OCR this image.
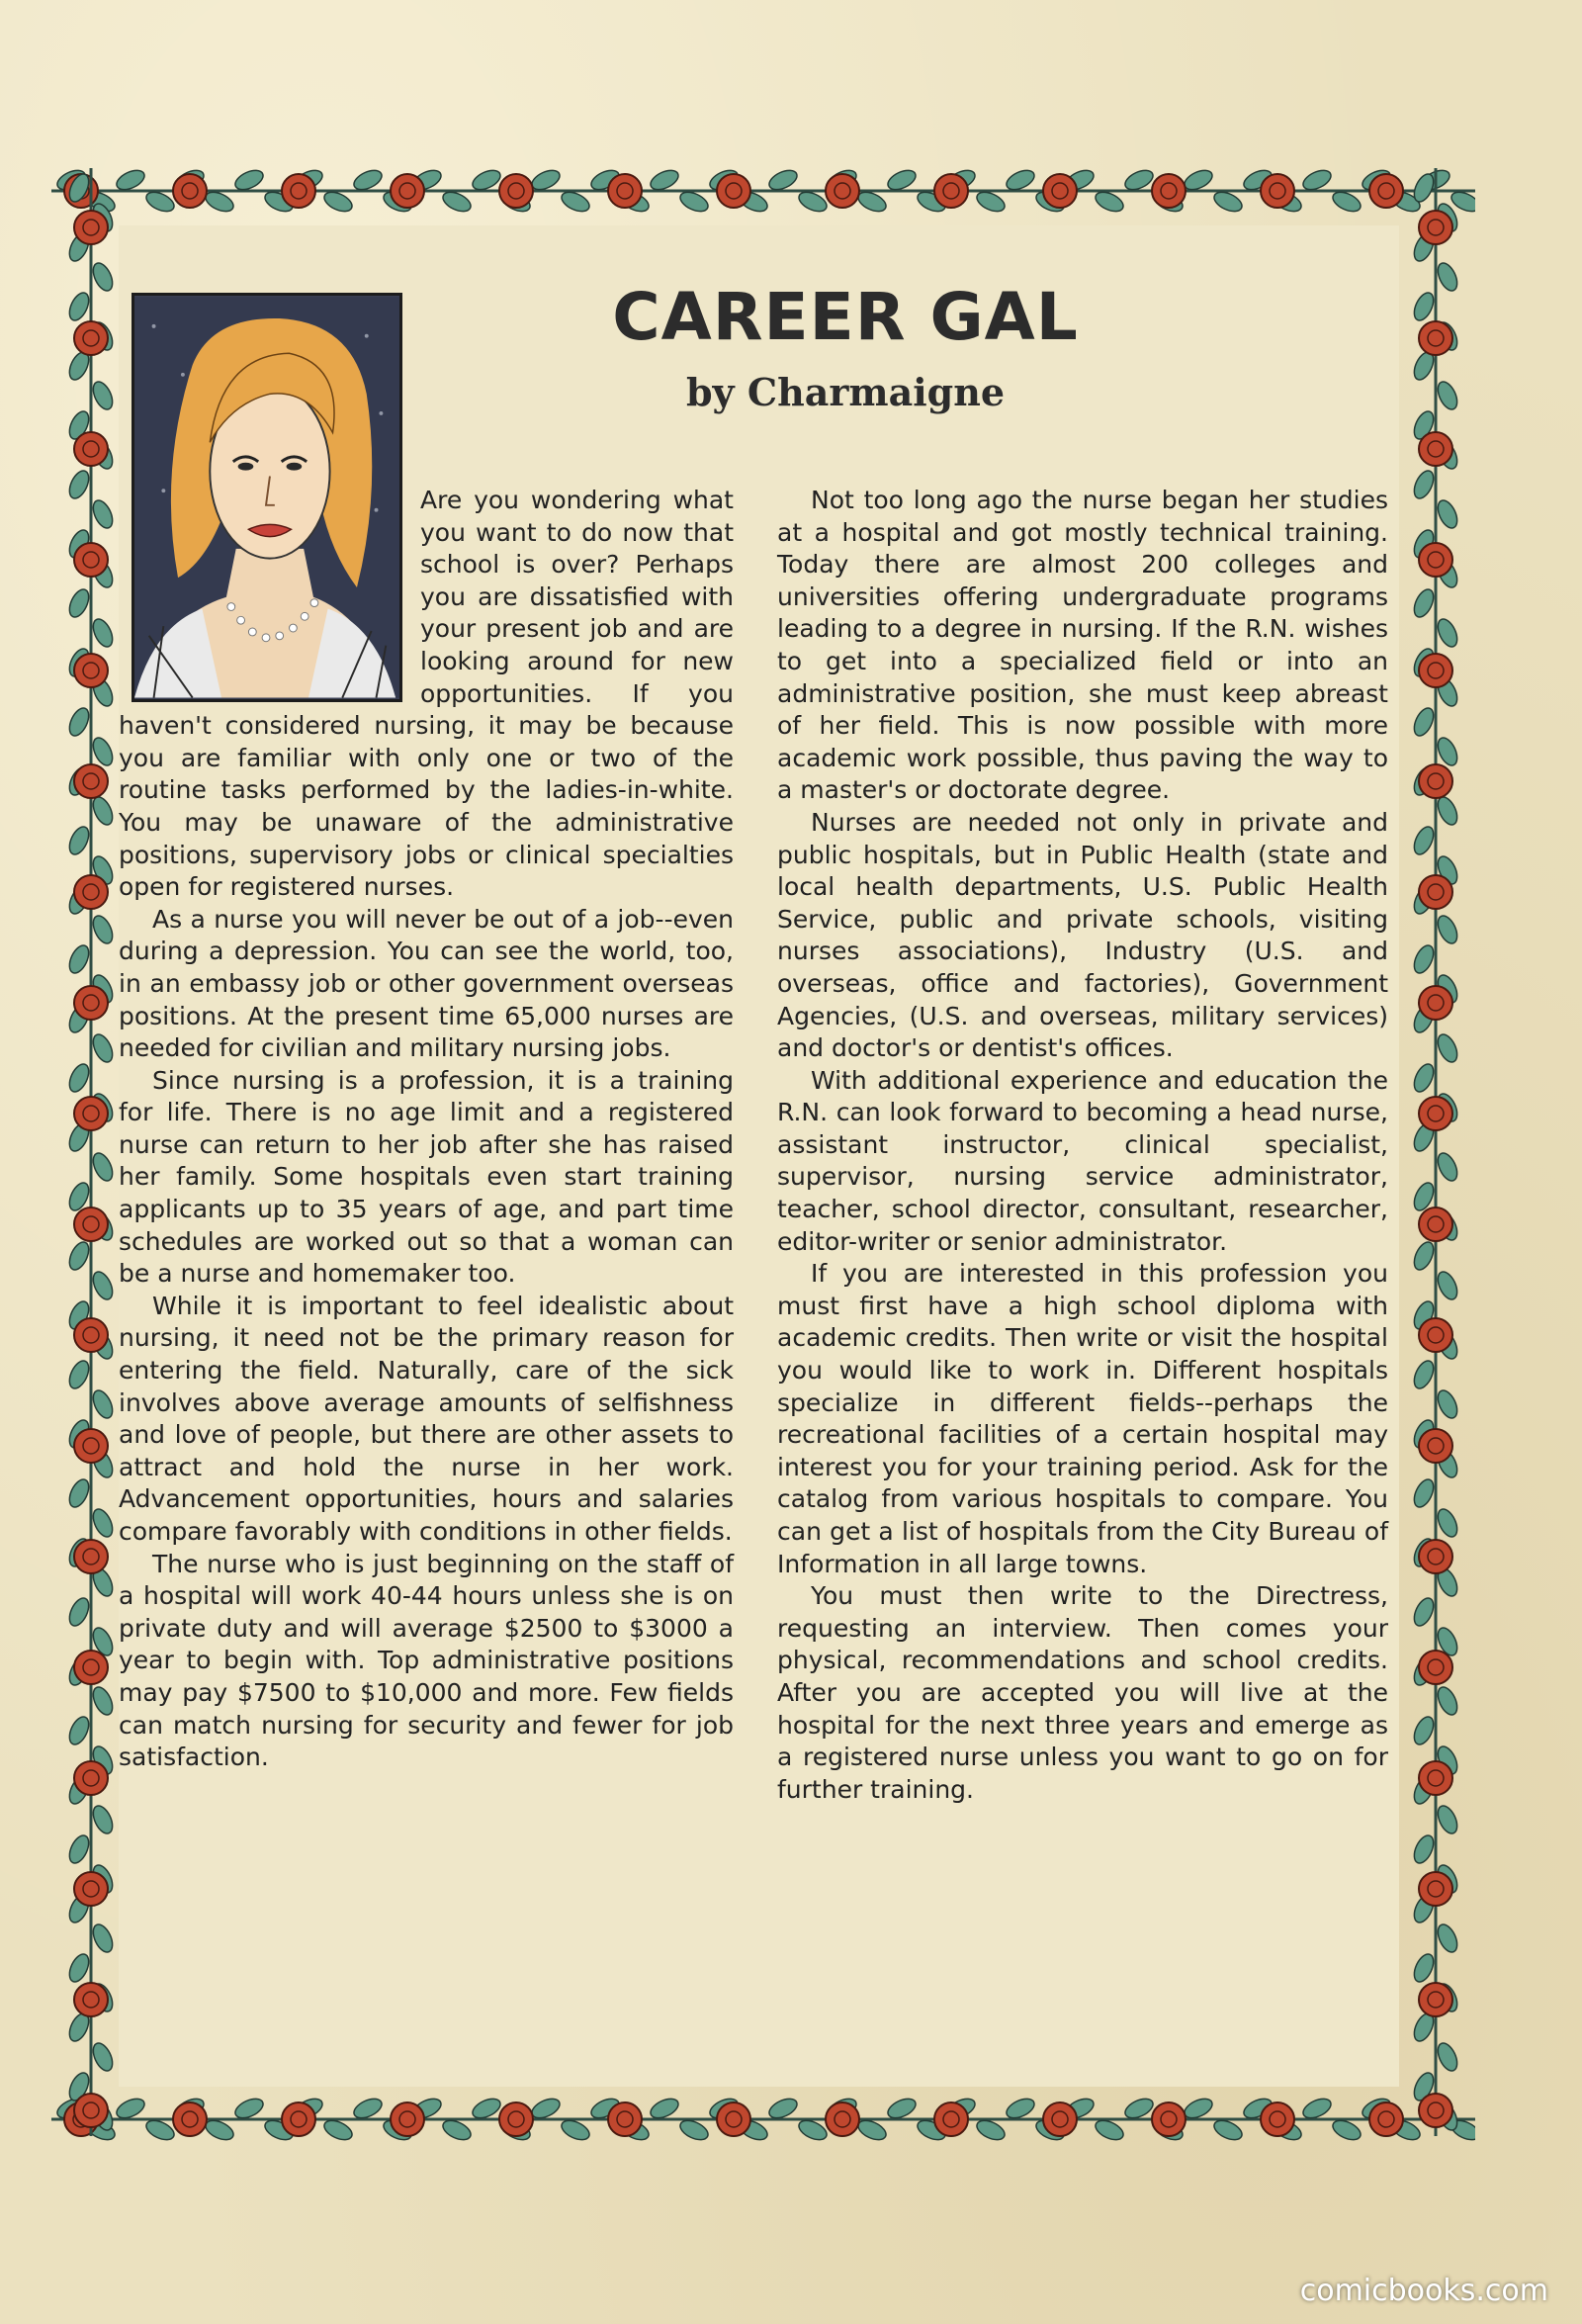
CAREER GAL
by Charmaigne

Are you wondering what you want to do now that school is over? Perhaps you are dissatisfied with your present job and are looking around for new opportunities. If you haven't considered nursing, it may be because you are familiar with only one or two of the routine tasks performed by the ladies-in-white. You may be unaware of the administrative positions, supervisory jobs or clinical specialties open for registered nurses.

As a nurse you will never be out of a job--even during a depression. You can see the world, too, in an embassy job or other government overseas positions. At the present time 65,000 nurses are needed for civilian and military nursing jobs.

Since nursing is a profession, it is a training for life. There is no age limit and a registered nurse can return to her job after she has raised her family. Some hospitals even start training applicants up to 35 years of age, and part time schedules are worked out so that a woman can be a nurse and homemaker too.

While it is important to feel idealistic about nursing, it need not be the primary reason for entering the field. Naturally, care of the sick involves above average amounts of selfishness and love of people, but there are other assets to attract and hold the nurse in her work. Advancement opportunities, hours and salaries compare favorably with conditions in other fields.

The nurse who is just beginning on the staff of a hospital will work 40-44 hours unless she is on private duty and will average $2500 to $3000 a year to begin with. Top administrative positions may pay $7500 to $10,000 and more. Few fields can match nursing for security and fewer for job satisfaction.

Not too long ago the nurse began her studies at a hospital and got mostly technical training. Today there are almost 200 colleges and universities offering undergraduate programs leading to a degree in nursing. If the R.N. wishes to get into a specialized field or into an administrative position, she must keep abreast of her field. This is now possible with more academic work possible, thus paving the way to a master's or doctorate degree.

Nurses are needed not only in private and public hospitals, but in Public Health (state and local health departments, U.S. Public Health Service, public and private schools, visiting nurses associations), Industry (U.S. and overseas, office and factories), Government Agencies, (U.S. and overseas, military services) and doctor's or dentist's offices.

With additional experience and education the R.N. can look forward to becoming a head nurse, assistant instructor, clinical specialist, supervisor, nursing service administrator, teacher, school director, consultant, researcher, editor-writer or senior administrator.

If you are interested in this profession you must first have a high school diploma with academic credits. Then write or visit the hospital you would like to work in. Different hospitals specialize in different fields--perhaps the recreational facilities of a certain hospital may interest you for your training period. Ask for the catalog from various hospitals to compare. You can get a list of hospitals from the City Bureau of Information in all large towns.

You must then write to the Directress, requesting an interview. Then comes your physical, recommendations and school credits. After you are accepted you will live at the hospital for the next three years and emerge as a registered nurse unless you want to go on for further training.

comicbooks.com
